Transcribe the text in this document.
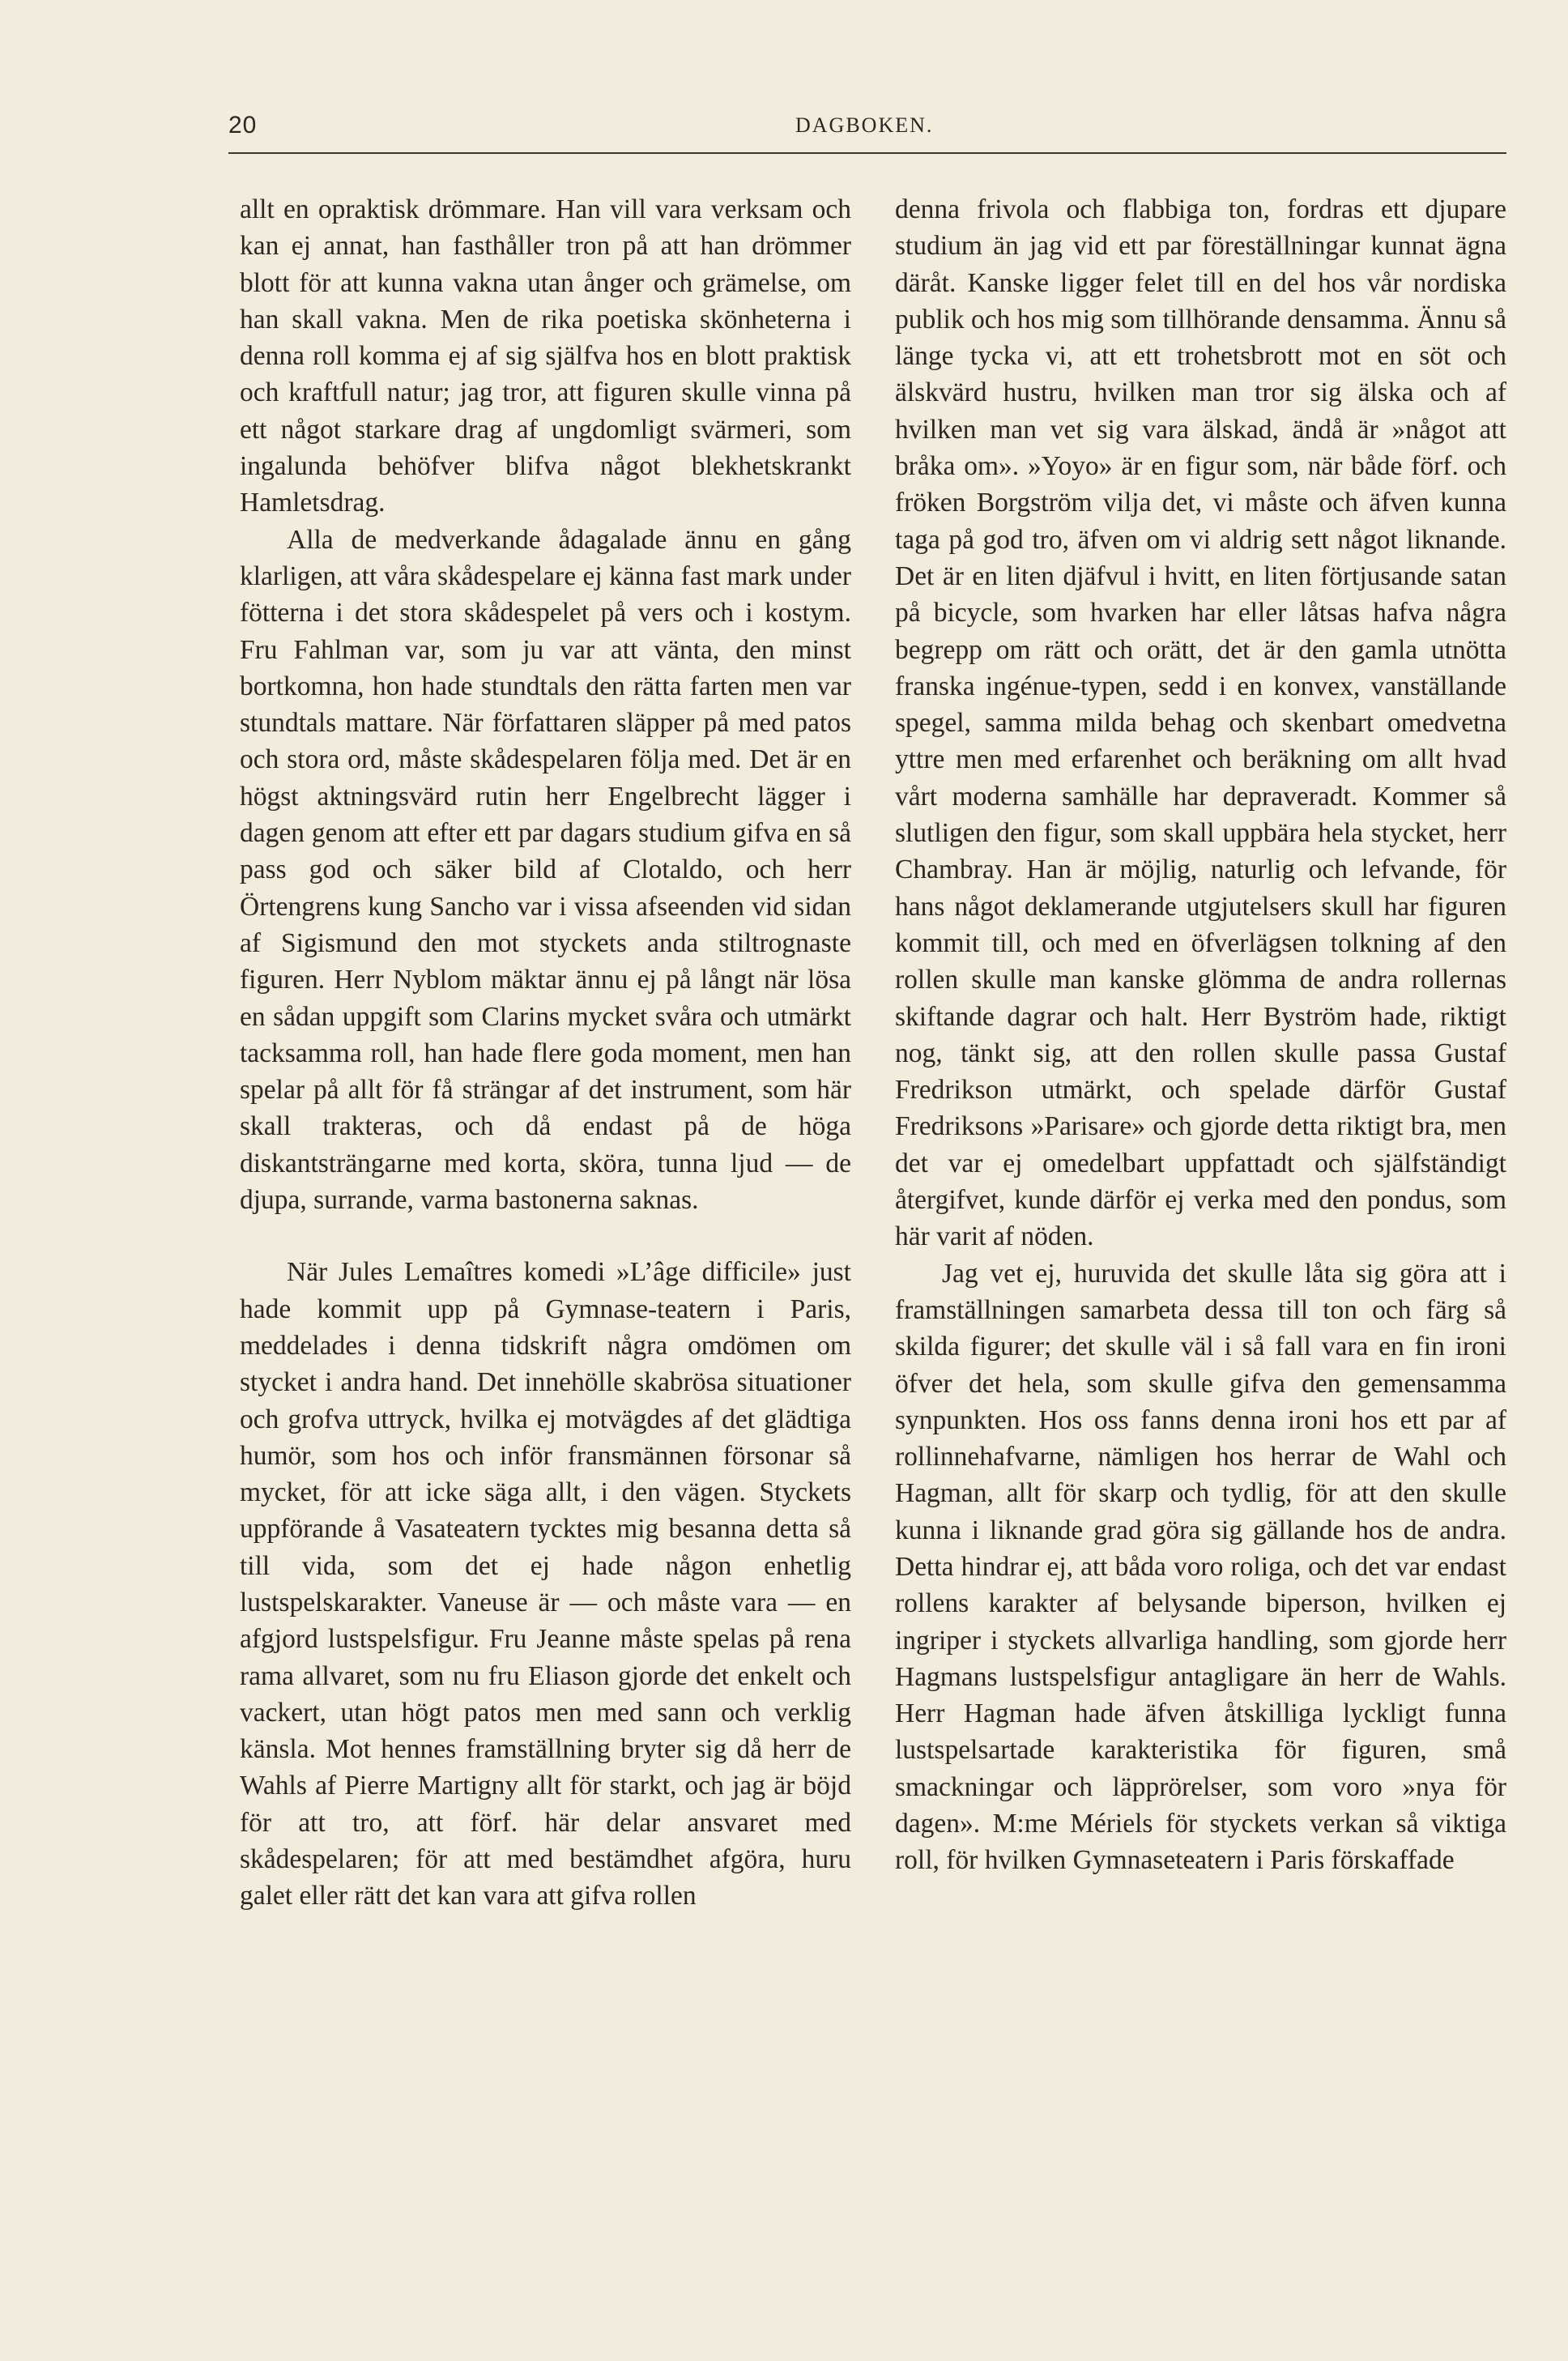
20	DAGBOKEN.

allt en opraktisk drömmare. Han vill vara verksam och kan ej annat, han fasthåller tron på att han drömmer blott för att kunna vakna utan ånger och grämelse, om han skall vakna. Men de rika poetiska skönheterna i denna roll komma ej af sig själfva hos en blott praktisk och kraftfull natur; jag tror, att figuren skulle vinna på ett något starkare drag af ungdomligt svärmeri, som ingalunda behöfver blifva något blekhetskrankt Hamletsdrag.

Alla de medverkande ådagalade ännu en gång klarligen, att våra skådespelare ej känna fast mark under fötterna i det stora skådespelet på vers och i kostym. Fru Fahlman var, som ju var att vänta, den minst bortkomna, hon hade stundtals den rätta farten men var stundtals mattare. När författaren släpper på med patos och stora ord, måste skådespelaren följa med. Det är en högst aktningsvärd rutin herr Engelbrecht lägger i dagen genom att efter ett par dagars studium gifva en så pass god och säker bild af Clotaldo, och herr Örtengrens kung Sancho var i vissa afseenden vid sidan af Sigismund den mot styckets anda stiltrognaste figuren. Herr Nyblom mäktar ännu ej på långt när lösa en sådan uppgift som Clarins mycket svåra och utmärkt tacksamma roll, han hade flere goda moment, men han spelar på allt för få strängar af det instrument, som här skall trakteras, och då endast på de höga diskantsträngarne med korta, sköra, tunna ljud — de djupa, surrande, varma bastonerna saknas.

När Jules Lemaîtres komedi »L’âge difficile» just hade kommit upp på Gymnase-teatern i Paris, meddelades i denna tidskrift några omdömen om stycket i andra hand. Det innehölle skabrösa situationer och grofva uttryck, hvilka ej motvägdes af det glädtiga humör, som hos och inför fransmännen försonar så mycket, för att icke säga allt, i den vägen. Styckets uppförande å Vasateatern tycktes mig besanna detta så till vida, som det ej hade någon enhetlig lustspelskarakter. Vaneuse är — och måste vara — en afgjord lustspelsfigur. Fru Jeanne måste spelas på rena rama allvaret, som nu fru Eliason gjorde det enkelt och vackert, utan högt patos men med sann och verklig känsla. Mot hennes framställning bryter sig då herr de Wahls af Pierre Martigny allt för starkt, och jag är böjd för att tro, att förf. här delar ansvaret med skådespelaren; för att med bestämdhet afgöra, huru galet eller rätt det kan vara att gifva rollen

denna frivola och flabbiga ton, fordras ett djupare studium än jag vid ett par föreställningar kunnat ägna däråt. Kanske ligger felet till en del hos vår nordiska publik och hos mig som tillhörande densamma. Ännu så länge tycka vi, att ett trohetsbrott mot en söt och älskvärd hustru, hvilken man tror sig älska och af hvilken man vet sig vara älskad, ändå är »något att bråka om». »Yoyo» är en figur som, när både förf. och fröken Borgström vilja det, vi måste och äfven kunna taga på god tro, äfven om vi aldrig sett något liknande. Det är en liten djäfvul i hvitt, en liten förtjusande satan på bicycle, som hvarken har eller låtsas hafva några begrepp om rätt och orätt, det är den gamla utnötta franska ingénue-typen, sedd i en konvex, vanställande spegel, samma milda behag och skenbart omedvetna yttre men med erfarenhet och beräkning om allt hvad vårt moderna samhälle har depraveradt. Kommer så slutligen den figur, som skall uppbära hela stycket, herr Chambray. Han är möjlig, naturlig och lefvande, för hans något deklamerande utgjutelsers skull har figuren kommit till, och med en öfverlägsen tolkning af den rollen skulle man kanske glömma de andra rollernas skiftande dagrar och halt. Herr Byström hade, riktigt nog, tänkt sig, att den rollen skulle passa Gustaf Fredrikson utmärkt, och spelade därför Gustaf Fredriksons »Parisare» och gjorde detta riktigt bra, men det var ej omedelbart uppfattadt och själfständigt återgifvet, kunde därför ej verka med den pondus, som här varit af nöden.

Jag vet ej, huruvida det skulle låta sig göra att i framställningen samarbeta dessa till ton och färg så skilda figurer; det skulle väl i så fall vara en fin ironi öfver det hela, som skulle gifva den gemensamma synpunkten. Hos oss fanns denna ironi hos ett par af rollinnehafvarne, nämligen hos herrar de Wahl och Hagman, allt för skarp och tydlig, för att den skulle kunna i liknande grad göra sig gällande hos de andra. Detta hindrar ej, att båda voro roliga, och det var endast rollens karakter af belysande biperson, hvilken ej ingriper i styckets allvarliga handling, som gjorde herr Hagmans lustspelsfigur antagligare än herr de Wahls. Herr Hagman hade äfven åtskilliga lyckligt funna lustspelsartade karakteristika för figuren, små smackningar och läpprörelser, som voro »nya för dagen». M:me Mériels för styckets verkan så viktiga roll, för hvilken Gymnaseteatern i Paris förskaffade
